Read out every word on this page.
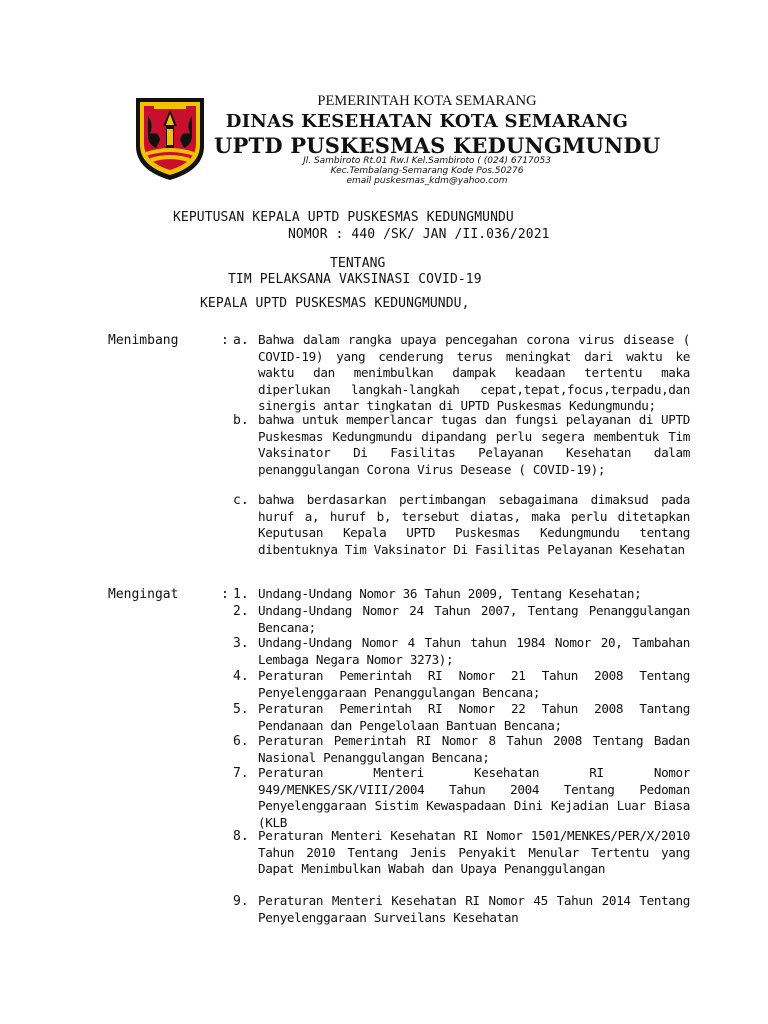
PEMERINTAH KOTA SEMARANG
DINAS KESEHATAN KOTA SEMARANG
UPTD PUSKESMAS KEDUNGMUNDU
Jl. Sambiroto Rt.01 Rw.I Kel.Sambiroto ( (024) 6717053
Kec.Tembalang-Semarang Kode Pos.50276
email puskesmas_kdm@yahoo.com
KEPUTUSAN KEPALA UPTD PUSKESMAS KEDUNGMUNDU
NOMOR : 440 /SK/ JAN /II.036/2021
TENTANG
TIM PELAKSANA VAKSINASI COVID-19
KEPALA UPTD PUSKESMAS KEDUNGMUNDU,
Menimbang	: a. Bahwa dalam rangka upaya pencegahan corona virus disease ( COVID-19) yang cenderung terus meningkat dari waktu ke waktu dan menimbulkan dampak keadaan tertentu maka diperlukan langkah-langkah cepat,tepat,focus,terpadu,dan sinergis antar tingkatan di UPTD Puskesmas Kedungmundu;
b. bahwa untuk memperlancar tugas dan fungsi pelayanan di UPTD Puskesmas Kedungmundu dipandang perlu segera membentuk Tim Vaksinator Di Fasilitas Pelayanan Kesehatan dalam penanggulangan Corona Virus Desease ( COVID-19);
c. bahwa berdasarkan pertimbangan sebagaimana dimaksud pada huruf a, huruf b, tersebut diatas, maka perlu ditetapkan Keputusan Kepala UPTD Puskesmas Kedungmundu tentang dibentuknya Tim Vaksinator Di Fasilitas Pelayanan Kesehatan
Mengingat	: 1. Undang-Undang Nomor 36 Tahun 2009, Tentang Kesehatan;
2. Undang-Undang Nomor 24 Tahun 2007, Tentang Penanggulangan Bencana;
3. Undang-Undang Nomor 4 Tahun tahun 1984 Nomor 20, Tambahan Lembaga Negara Nomor 3273);
4. Peraturan Pemerintah RI Nomor 21 Tahun 2008 Tentang Penyelenggaraan Penanggulangan Bencana;
5. Peraturan Pemerintah RI Nomor 22 Tahun 2008 Tantang Pendanaan dan Pengelolaan Bantuan Bencana;
6. Peraturan Pemerintah RI Nomor 8 Tahun 2008 Tentang Badan Nasional Penanggulangan Bencana;
7. Peraturan Menteri Kesehatan RI Nomor 949/MENKES/SK/VIII/2004 Tahun 2004 Tentang Pedoman Penyelenggaraan Sistim Kewaspadaan Dini Kejadian Luar Biasa (KLB
8. Peraturan Menteri Kesehatan RI Nomor 1501/MENKES/PER/X/2010 Tahun 2010 Tentang Jenis Penyakit Menular Tertentu yang Dapat Menimbulkan Wabah dan Upaya Penanggulangan
9. Peraturan Menteri Kesehatan RI Nomor 45 Tahun 2014 Tentang Penyelenggaraan Surveilans Kesehatan
